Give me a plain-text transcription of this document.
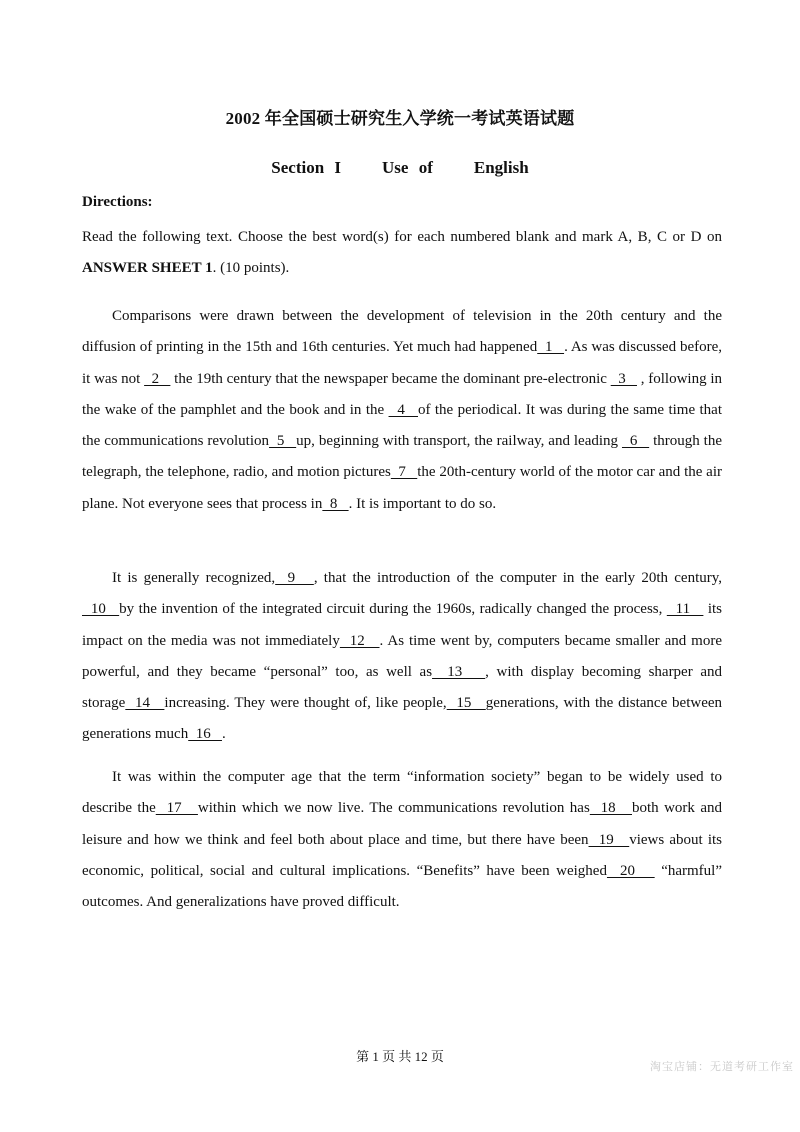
2002 年全国硕士研究生入学统一考试英语试题
Section I    Use of    English
Directions:
Read the following text. Choose the best word(s) for each numbered blank and mark A, B, C or D on ANSWER SHEET 1. (10 points).

Comparisons were drawn between the development of television in the 20th century and the diffusion of printing in the 15th and 16th centuries. Yet much had happened  1   . As was discussed before, it was not   2    the 19th century that the newspaper became the dominant pre-electronic   3    , following in the wake of the pamphlet and the book and in the   4   of the periodical. It was during the same time that the communications revolution  5   up, beginning with transport, the railway, and leading   6    through the telegraph, the telephone, radio, and motion pictures  7   the 20th-century world of the motor car and the air plane. Not everyone sees that process in  8   . It is important to do so.

It is generally recognized,  9   , that the introduction of the computer in the early 20th century,   10   by the invention of the integrated circuit during the 1960s, radically changed the process,   11    its impact on the media was not immediately  12   . As time went by, computers became smaller and more powerful, and they became “personal” too, as well as  13   , with display becoming sharper and storage  14   increasing. They were thought of, like people,  15   generations, with the distance between generations much  16   .

It was within the computer age that the term “information society” began to be widely used to describe the  17   within which we now live. The communications revolution has  18   both work and leisure and how we think and feel both about place and time, but there have been  19   views about its economic, political, social and cultural implications. “Benefits” have been weighed  20    “harmful” outcomes. And generalizations have proved difficult.

第 1 页 共 12 页
淘宝店铺：无道考研工作室
